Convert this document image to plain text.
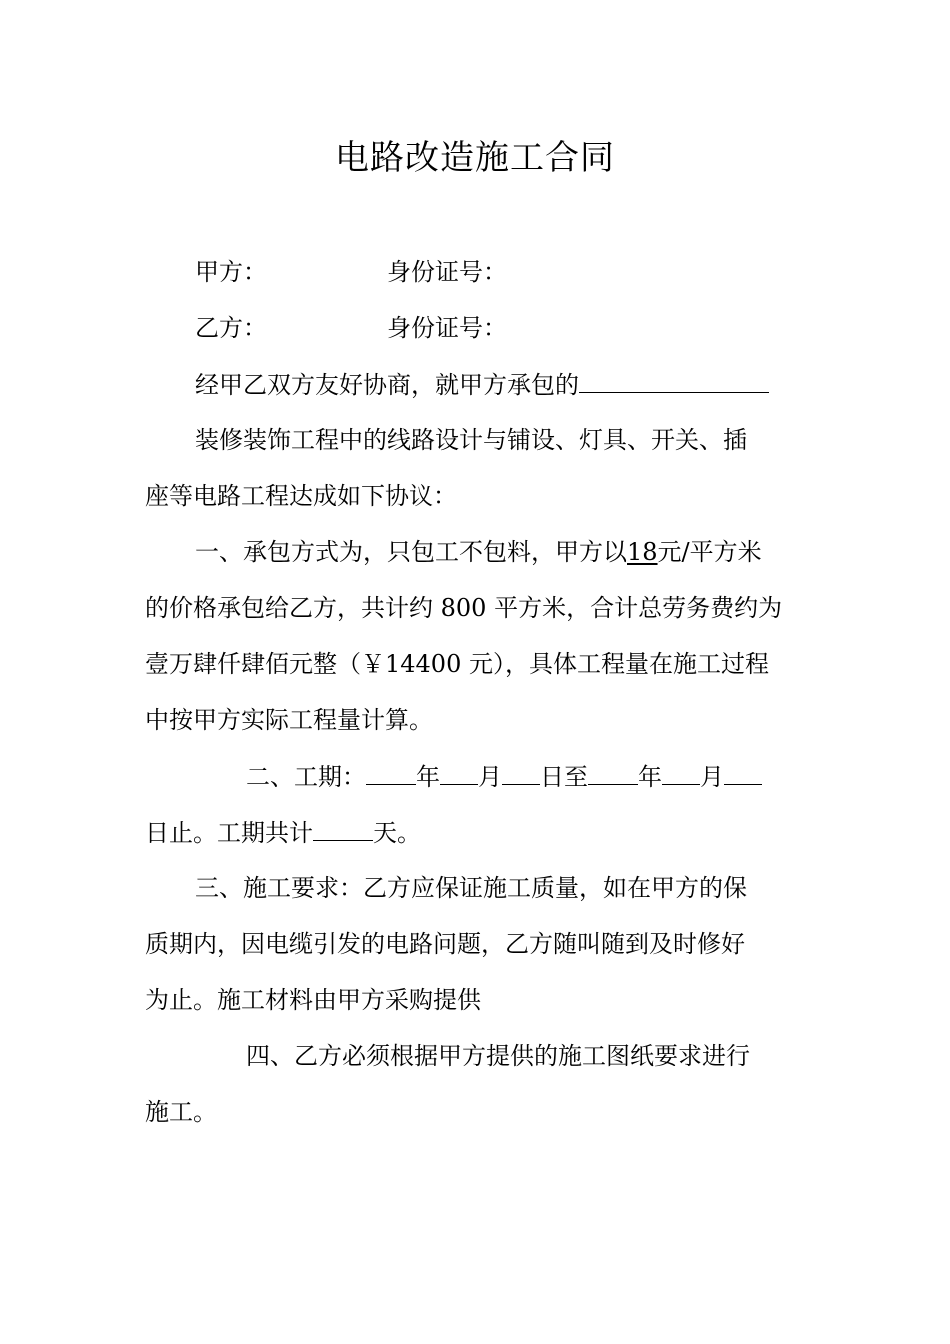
电路改造施工合同
甲方：	身份证号：
乙方：	身份证号：
经甲乙双方友好协商，就甲方承包的
装修装饰工程中的线路设计与铺设、灯具、开关、插
座等电路工程达成如下协议：
一、承包方式为，只包工不包料，甲方以18元/平方米
的价格承包给乙方，共计约 800 平方米，合计总劳务费约为
壹万肆仟肆佰元整（￥14400 元），具体工程量在施工过程
中按甲方实际工程量计算。
二、工期： 年 月 日至 年 月
日止。工期共计	天。
三、施工要求：乙方应保证施工质量，如在甲方的保
质期内，因电缆引发的电路问题，乙方随叫随到及时修好
为止。施工材料由甲方采购提供
四、乙方必须根据甲方提供的施工图纸要求进行
施工。
